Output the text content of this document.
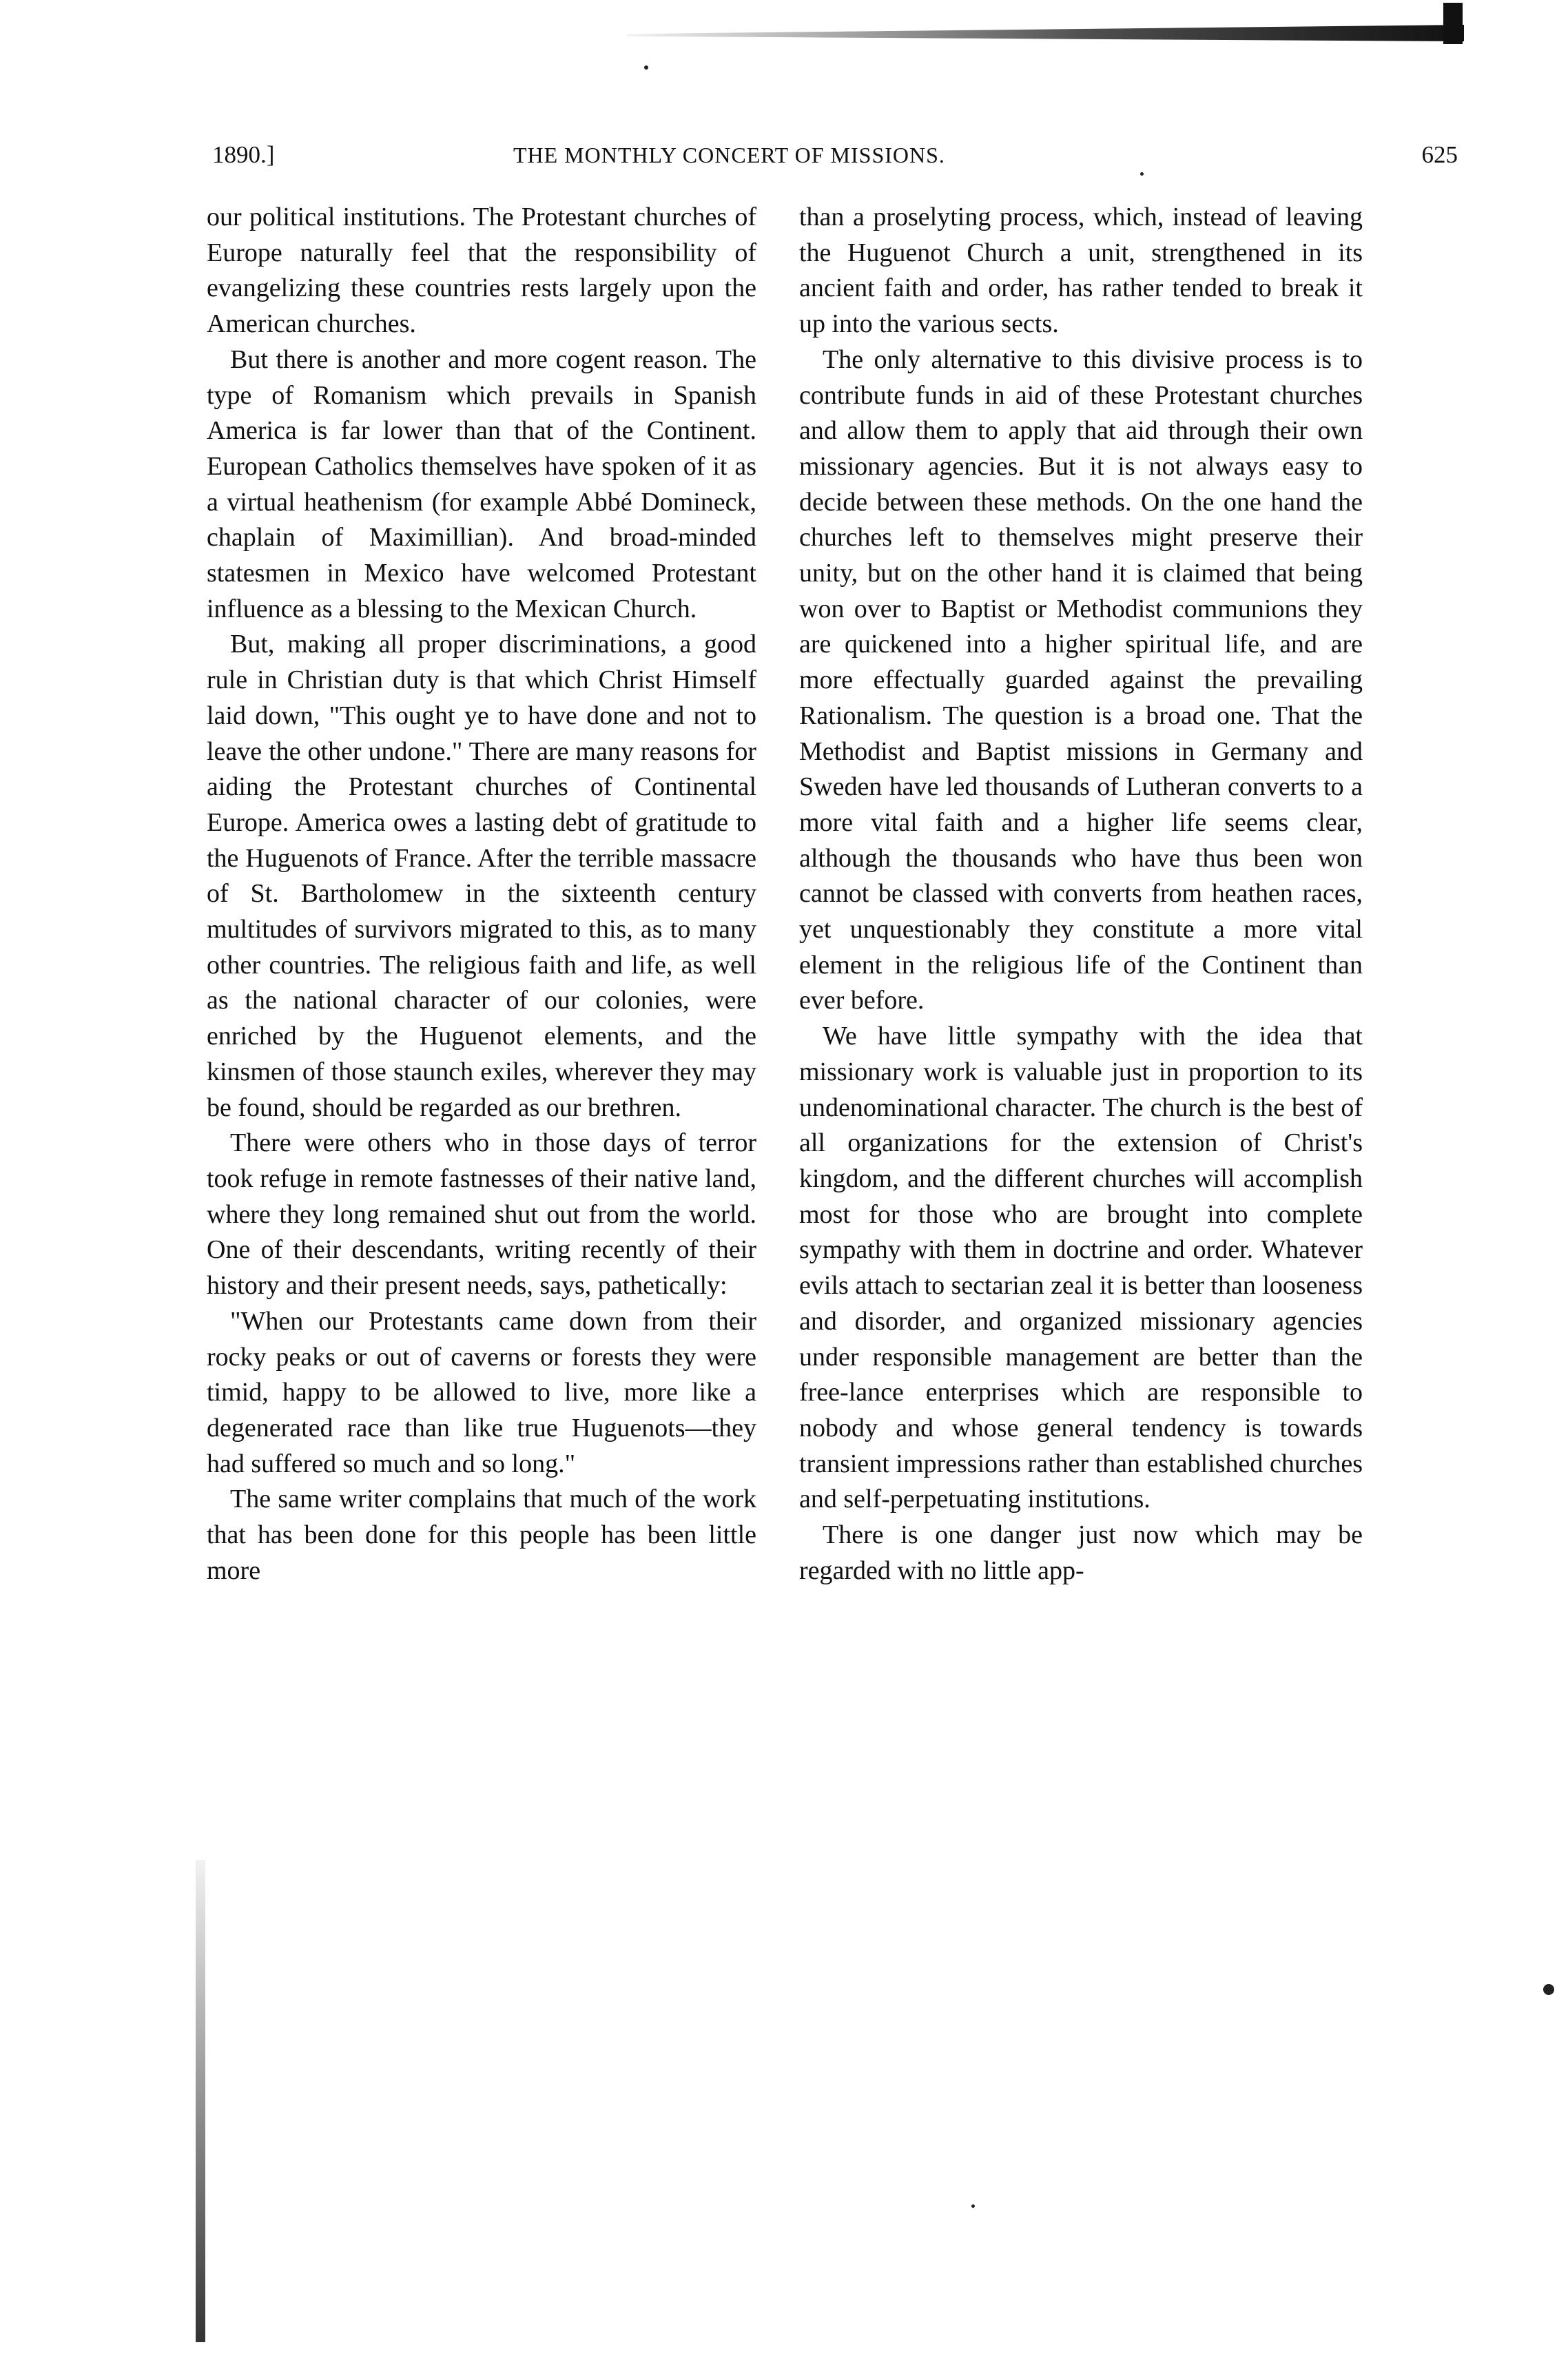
1890.]	THE MONTHLY CONCERT OF MISSIONS.	625

our political institutions. The Protestant churches of Europe naturally feel that the responsibility of evangelizing these countries rests largely upon the American churches.

But there is another and more cogent reason. The type of Romanism which prevails in Spanish America is far lower than that of the Continent. European Catholics themselves have spoken of it as a virtual heathenism (for example Abbé Domineck, chaplain of Maximillian). And broad-minded statesmen in Mexico have welcomed Protestant influence as a blessing to the Mexican Church.

But, making all proper discriminations, a good rule in Christian duty is that which Christ Himself laid down, "This ought ye to have done and not to leave the other undone." There are many reasons for aiding the Protestant churches of Continental Europe. America owes a lasting debt of gratitude to the Huguenots of France. After the terrible massacre of St. Bartholomew in the sixteenth century multitudes of survivors migrated to this, as to many other countries. The religious faith and life, as well as the national character of our colonies, were enriched by the Huguenot elements, and the kinsmen of those staunch exiles, wherever they may be found, should be regarded as our brethren.

There were others who in those days of terror took refuge in remote fastnesses of their native land, where they long remained shut out from the world. One of their descendants, writing recently of their history and their present needs, says, pathetically:

"When our Protestants came down from their rocky peaks or out of caverns or forests they were timid, happy to be allowed to live, more like a degenerated race than like true Huguenots—they had suffered so much and so long."

The same writer complains that much of the work that has been done for this people has been little more

than a proselyting process, which, instead of leaving the Huguenot Church a unit, strengthened in its ancient faith and order, has rather tended to break it up into the various sects.

The only alternative to this divisive process is to contribute funds in aid of these Protestant churches and allow them to apply that aid through their own missionary agencies. But it is not always easy to decide between these methods. On the one hand the churches left to themselves might preserve their unity, but on the other hand it is claimed that being won over to Baptist or Methodist communions they are quickened into a higher spiritual life, and are more effectually guarded against the prevailing Rationalism. The question is a broad one. That the Methodist and Baptist missions in Germany and Sweden have led thousands of Lutheran converts to a more vital faith and a higher life seems clear, although the thousands who have thus been won cannot be classed with converts from heathen races, yet unquestionably they constitute a more vital element in the religious life of the Continent than ever before.

We have little sympathy with the idea that missionary work is valuable just in proportion to its undenominational character. The church is the best of all organizations for the extension of Christ's kingdom, and the different churches will accomplish most for those who are brought into complete sympathy with them in doctrine and order. Whatever evils attach to sectarian zeal it is better than looseness and disorder, and organized missionary agencies under responsible management are better than the free-lance enterprises which are responsible to nobody and whose general tendency is towards transient impressions rather than established churches and self-perpetuating institutions.

There is one danger just now which may be regarded with no little app-
